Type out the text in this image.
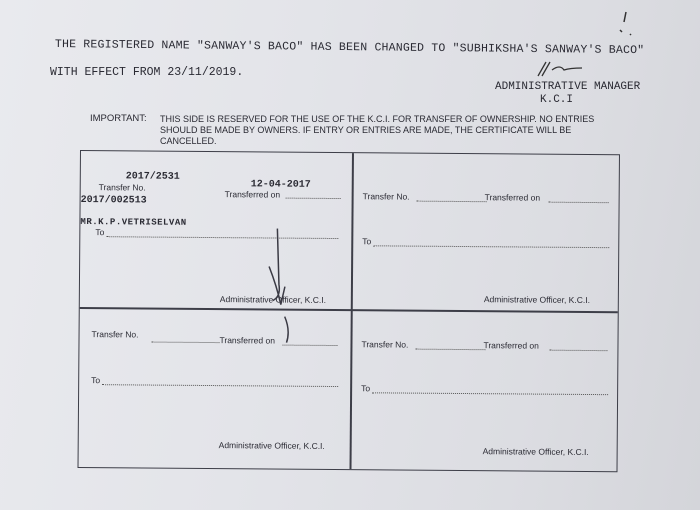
THE REGISTERED NAME "SANWAY'S BACO" HAS BEEN CHANGED TO "SUBHIKSHA'S SANWAY'S BACO"
WITH EFFECT FROM 23/11/2019.
ADMINISTRATIVE MANAGER
K.C.I
IMPORTANT: THIS SIDE IS RESERVED FOR THE USE OF THE K.C.I. FOR TRANSFER OF OWNERSHIP. NO ENTRIES SHOULD BE MADE BY OWNERS. IF ENTRY OR ENTRIES ARE MADE, THE CERTIFICATE WILL BE CANCELLED.
2017/2531
12-04-2017
Transfer No.
Transferred on
2017/002513
MR.K.P.VETRISELVAN
To
Administrative Officer, K.C.I.
Transfer No.	Transferred on
To
Administrative Officer, K.C.I.
Transfer No.
Transferred on
To
Administrative Officer, K.C.I.
Transfer No.	Transferred on
To
Administrative Officer, K.C.I.
